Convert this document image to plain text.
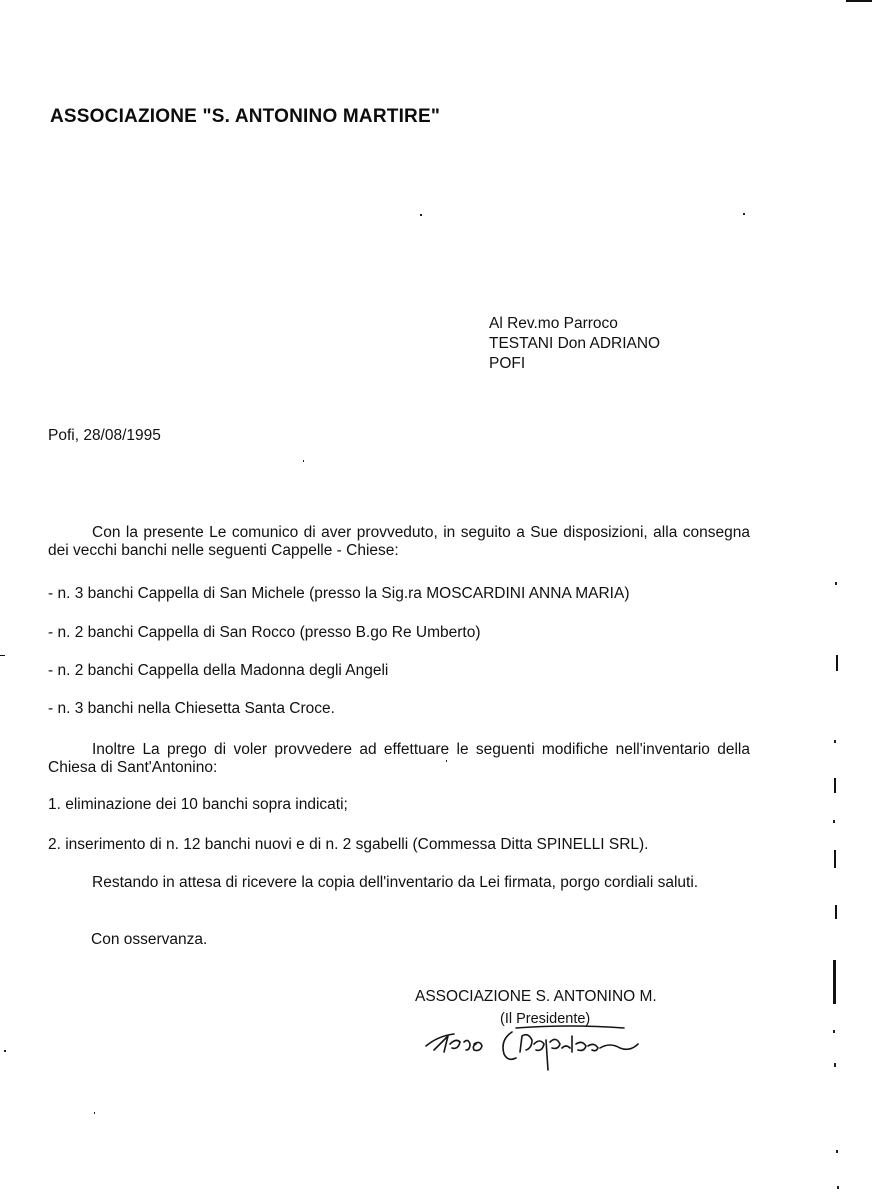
ASSOCIAZIONE "S. ANTONINO MARTIRE"
Al Rev.mo Parroco
TESTANI Don ADRIANO
POFI
Pofi, 28/08/1995
Con la presente Le comunico di aver provveduto, in seguito a Sue disposizioni, alla consegna dei vecchi banchi nelle seguenti Cappelle - Chiese:
- n. 3 banchi Cappella di San Michele (presso la Sig.ra MOSCARDINI ANNA MARIA)
- n. 2 banchi Cappella di San Rocco (presso B.go Re Umberto)
- n. 2 banchi Cappella della Madonna degli Angeli
- n. 3 banchi nella Chiesetta Santa Croce.
Inoltre La prego di voler provvedere ad effettuare le seguenti modifiche nell'inventario della Chiesa di Sant'Antonino:
1. eliminazione dei 10 banchi sopra indicati;
2. inserimento di n. 12 banchi nuovi e di n. 2 sgabelli (Commessa Ditta SPINELLI SRL).
Restando in attesa di ricevere la copia dell'inventario da Lei firmata, porgo cordiali saluti.
Con osservanza.
ASSOCIAZIONE S. ANTONINO M.
(Il Presidente)
